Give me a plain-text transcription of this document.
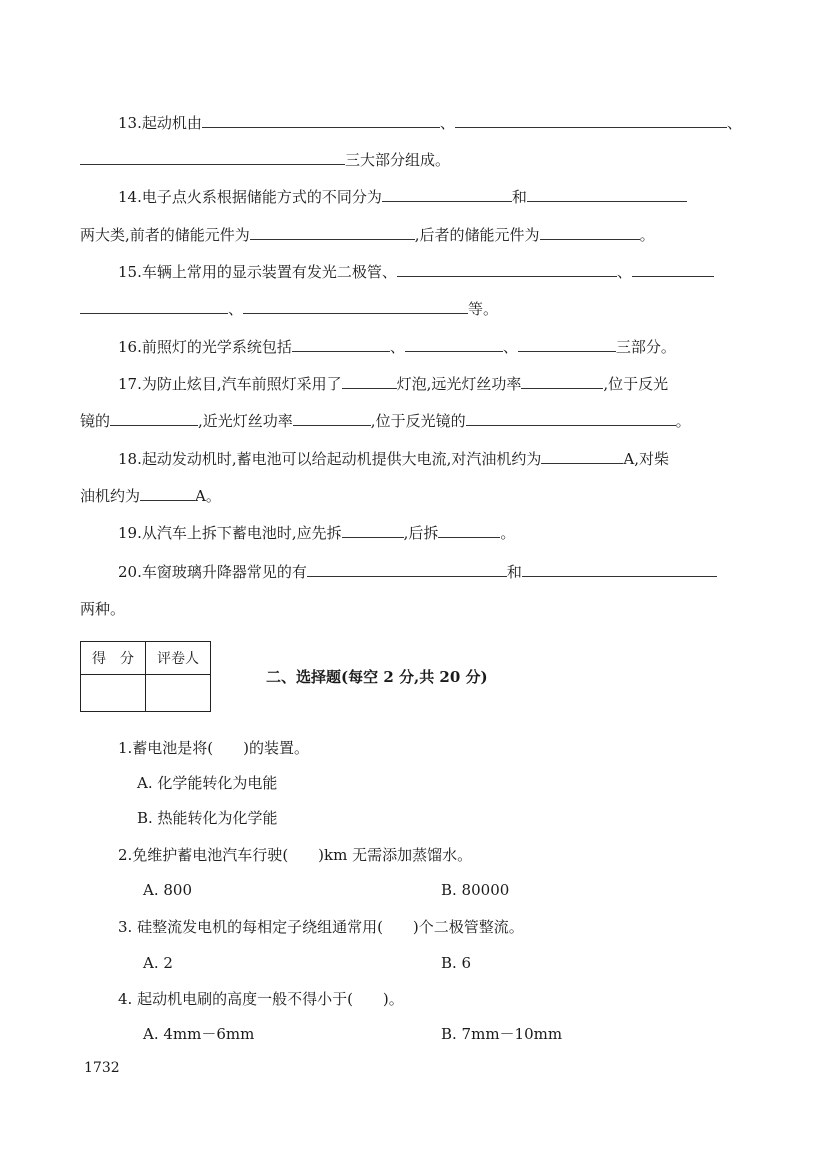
13.起动机由	、	、
三大部分组成。
14.电子点火系根据储能方式的不同分为	和
两大类,前者的储能元件为	,后者的储能元件为	。
15.车辆上常用的显示装置有发光二极管、	、
、	等。
16.前照灯的光学系统包括	、	、	三部分。
17.为防止炫目,汽车前照灯采用了	灯泡,远光灯丝功率	,位于反光
镜的	,近光灯丝功率	,位于反光镜的	。
18.起动发动机时,蓄电池可以给起动机提供大电流,对汽油机约为	A,对柴
油机约为	A。
19.从汽车上拆下蓄电池时,应先拆	,后拆	。
20.车窗玻璃升降器常见的有	和
两种。
得　分	评卷人

二、选择题(每空 2 分,共 20 分)
1.蓄电池是将(　　)的装置。
A. 化学能转化为电能
B. 热能转化为化学能
2.免维护蓄电池汽车行驶(　　)km 无需添加蒸馏水。
A. 800	B. 80000
3. 硅整流发电机的每相定子绕组通常用(　　)个二极管整流。
A. 2	B. 6
4. 起动机电刷的高度一般不得小于(　　)。
A. 4mm－6mm	B. 7mm－10mm
1732
